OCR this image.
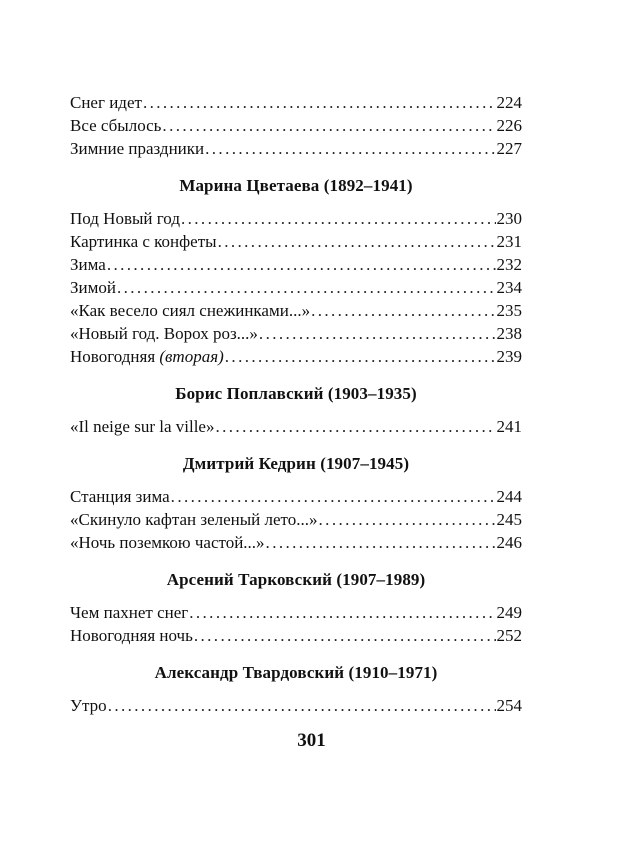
Снег идет .....	224
Все сбылось .....	226
Зимние праздники .....	227
Марина Цветаева (1892–1941)
Под Новый год .....	230
Картинка с конфеты .....	231
Зима .....	232
Зимой .....	234
«Как весело сиял снежинками...» .....	235
«Новый год. Ворох роз...» .....	238
Новогодняя (вторая) .....	239
Борис Поплавский (1903–1935)
«Il neige sur la ville» .....	241
Дмитрий Кедрин (1907–1945)
Станция зима .....	244
«Скинуло кафтан зеленый лето...» .....	245
«Ночь поземкою частой...» .....	246
Арсений Тарковский (1907–1989)
Чем пахнет снег .....	249
Новогодняя ночь .....	252
Александр Твардовский (1910–1971)
Утро .....	254
301
